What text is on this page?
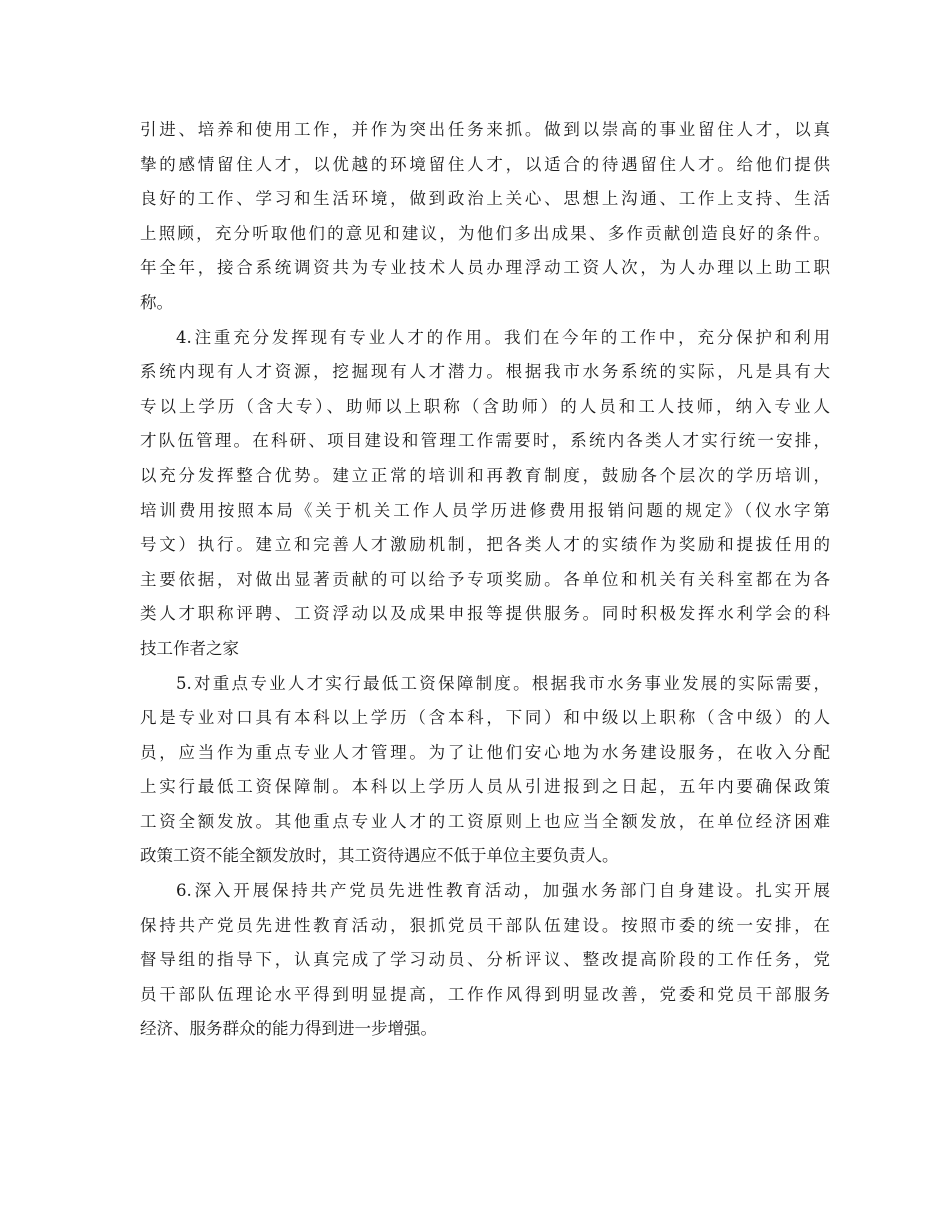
引进、培养和使用工作，并作为突出任务来抓。做到以崇高的事业留住人才，以真
挚的感情留住人才，以优越的环境留住人才，以适合的待遇留住人才。给他们提供
良好的工作、学习和生活环境，做到政治上关心、思想上沟通、工作上支持、生活
上照顾，充分听取他们的意见和建议，为他们多出成果、多作贡献创造良好的条件。
年全年，接合系统调资共为专业技术人员办理浮动工资人次，为人办理以上助工职
称。
4.注重充分发挥现有专业人才的作用。我们在今年的工作中，充分保护和利用
系统内现有人才资源，挖掘现有人才潜力。根据我市水务系统的实际，凡是具有大
专以上学历（含大专）、助师以上职称（含助师）的人员和工人技师，纳入专业人
才队伍管理。在科研、项目建设和管理工作需要时，系统内各类人才实行统一安排，
以充分发挥整合优势。建立正常的培训和再教育制度，鼓励各个层次的学历培训，
培训费用按照本局《关于机关工作人员学历进修费用报销问题的规定》（仪水字第
号文）执行。建立和完善人才激励机制，把各类人才的实绩作为奖励和提拔任用的
主要依据，对做出显著贡献的可以给予专项奖励。各单位和机关有关科室都在为各
类人才职称评聘、工资浮动以及成果申报等提供服务。同时积极发挥水利学会的科
技工作者之家
5.对重点专业人才实行最低工资保障制度。根据我市水务事业发展的实际需要，
凡是专业对口具有本科以上学历（含本科，下同）和中级以上职称（含中级）的人
员，应当作为重点专业人才管理。为了让他们安心地为水务建设服务，在收入分配
上实行最低工资保障制。本科以上学历人员从引进报到之日起，五年内要确保政策
工资全额发放。其他重点专业人才的工资原则上也应当全额发放，在单位经济困难
政策工资不能全额发放时，其工资待遇应不低于单位主要负责人。
6.深入开展保持共产党员先进性教育活动，加强水务部门自身建设。扎实开展
保持共产党员先进性教育活动，狠抓党员干部队伍建设。按照市委的统一安排，在
督导组的指导下，认真完成了学习动员、分析评议、整改提高阶段的工作任务，党
员干部队伍理论水平得到明显提高，工作作风得到明显改善，党委和党员干部服务
经济、服务群众的能力得到进一步增强。
